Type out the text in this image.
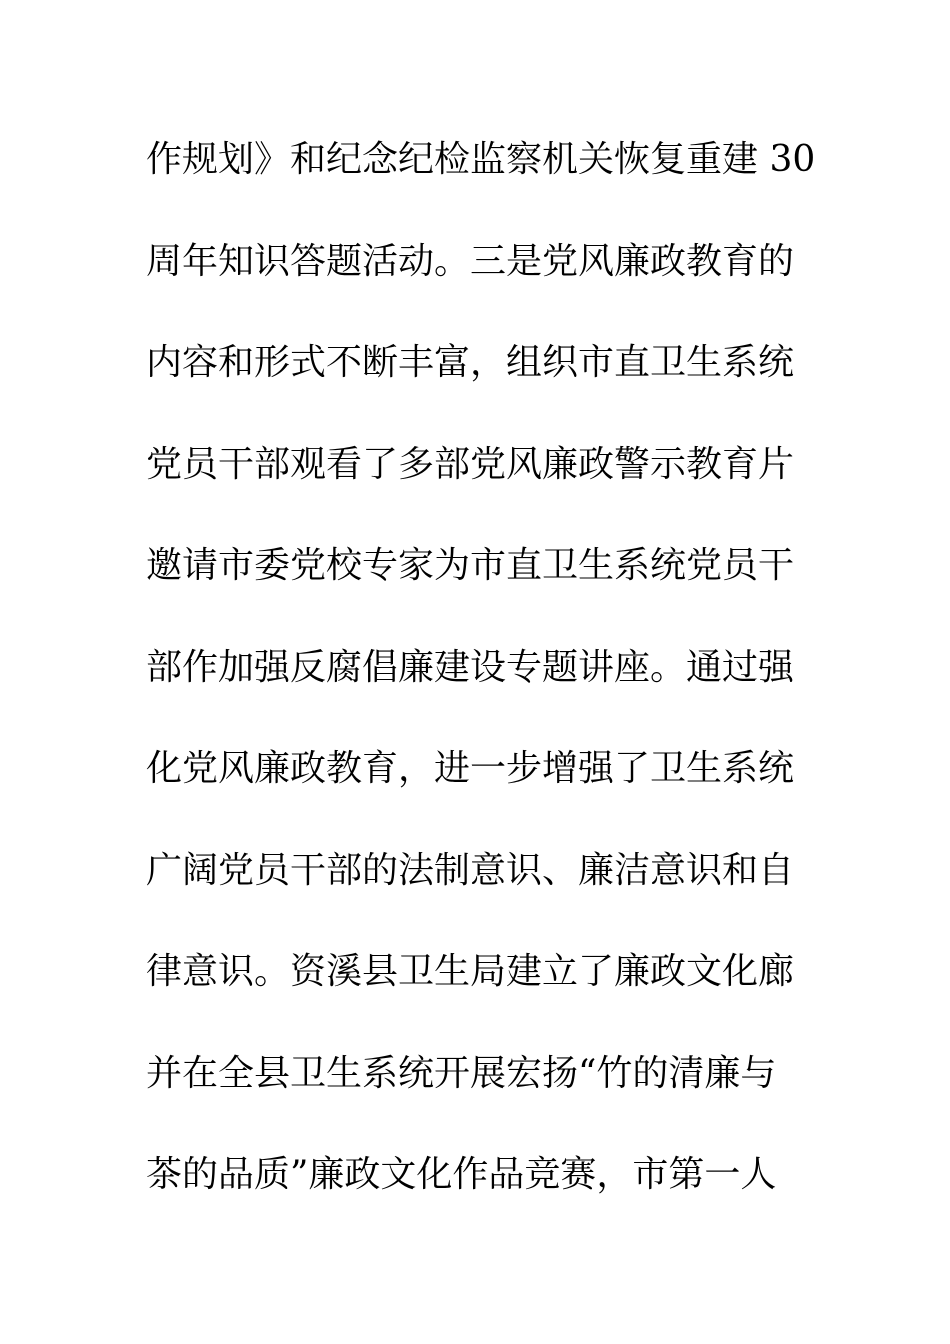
作规划》和纪念纪检监察机关恢复重建 30
周年知识答题活动。三是党风廉政教育的
内容和形式不断丰富，组织市直卫生系统
党员干部观看了多部党风廉政警示教育片
邀请市委党校专家为市直卫生系统党员干
部作加强反腐倡廉建设专题讲座。通过强
化党风廉政教育，进一步增强了卫生系统
广阔党员干部的法制意识、廉洁意识和自
律意识。资溪县卫生局建立了廉政文化廊
并在全县卫生系统开展宏扬“竹的清廉与
茶的品质”廉政文化作品竞赛，市第一人
